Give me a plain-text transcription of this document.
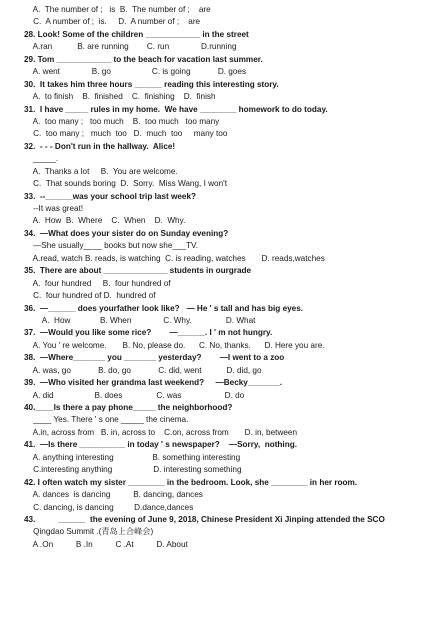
A.  The number of ;   is  B.  The number of ;    are
C.  A number of ;  is.     D.  A number of ;    are
28. Look! Some of the children ____________ in the street
A.ran           B. are running        C. run              D.running
29. Tom ____________ to the beach for vacation last summer.
A. went              B. go                  C. is going            D. goes
30.  It takes him three hours ______ reading this interesting story.
A.  to finish    B.  finished    C.  finishing    D.  finish
31.  I have _____ rules in my home.  We have ________ homework to do today.
A.  too many ;   too much    B.  too much   too many
C.  too many ;   much  too   D.  much  too     many too
32.  - - - Don't run in the hallway.  Alice!
_____.
A.  Thanks a lot     B.  You are welcome.
C.  That sounds boring  D.  Sorry.  Miss Wang, I won't
33.  --______was your school trip last week?
--It was great!
A.  How  B.  Where    C.  When    D.  Why.
34.  —What does your sister do on Sunday evening?
—She usually____ books but now she___TV.
A.read, watch B. reads, is watching  C. is reading, watches       D. reads,watches
35.  There are about ______________ students in ourgrade
A.  four hundred     B.  four hundred of
C.  four hundred of D.  hundred of
36.  —______ does yourfather look like?   — He ' s tall and has big eyes.
A.  How             B. When              C. Why.               D. What
37.  —Would you like some rice?        —______. I ' m not hungry.
A. You ' re welcome.       B. No, please do.      C. No, thanks.      D. Here you are.
38.  —Where_______ you _______ yesterday?        —I went to a zoo
A. was, go            B. do, go            C. did, went           D. did, go
39.  —Who visited her grandma last weekend?     —Becky_______.
A. did                  B. does               C. was                   D. do
40.____Is there a pay phone_____ the neighborhood?
____ Yes. There ' s one _____ the cinema.
A.in, across from   B. in, across to    C.on, across from       D. in, between
41.  —Is there __________ in today ' s newspaper?    —Sorry,  nothing.
A. anything interesting                 B. something interesting
C.interesting anything                  D. interesting something
42. I often watch my sister ________ in the bedroom. Look, she ________ in her room.
A. dances  is dancing          B. dancing, dances
C. dancing, is dancing         D.dance,dances
43.          ______  the evening of June 9, 2018, Chinese President Xi Jinping attended the SCO
Qingdao Summit .(青岛上合峰会)
A .On          B .In          C .At          D. About
